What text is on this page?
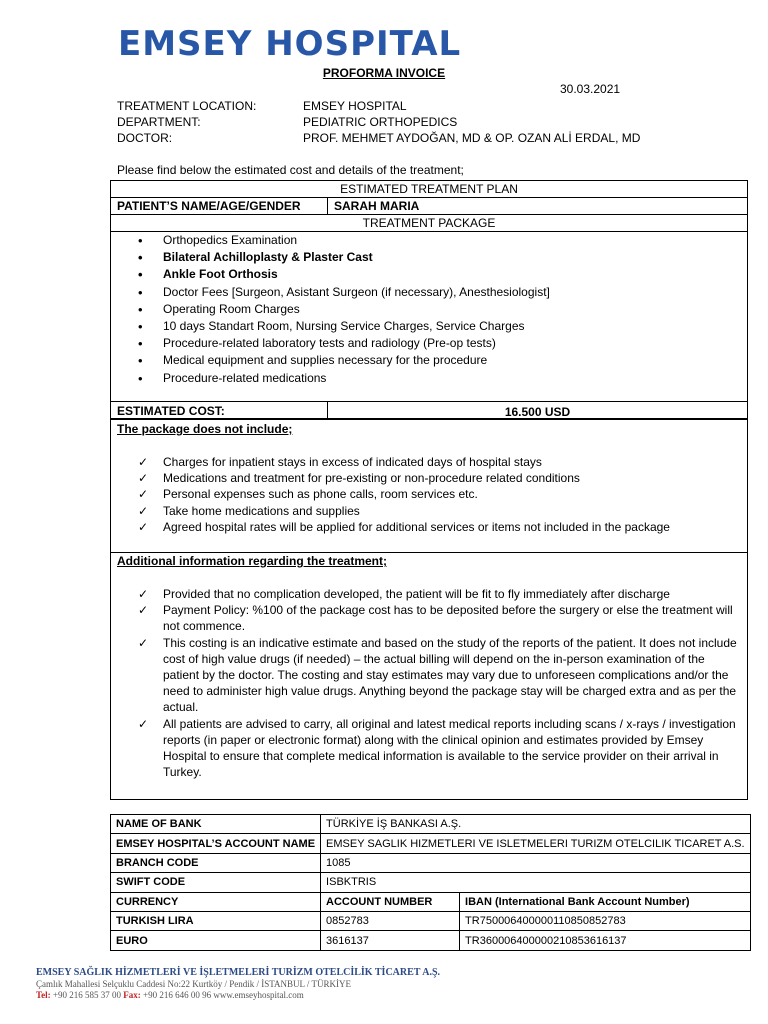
EMSEY HOSPITAL
PROFORMA INVOICE
30.03.2021
TREATMENT LOCATION:	EMSEY HOSPITAL
DEPARTMENT:	PEDIATRIC ORTHOPEDICS
DOCTOR:	PROF. MEHMET AYDOĞAN, MD & OP. OZAN ALİ ERDAL, MD
Please find below the estimated cost and details of the treatment;
ESTIMATED TREATMENT PLAN
PATIENT’S NAME/AGE/GENDER	SARAH MARIA
TREATMENT PACKAGE
• Orthopedics Examination
• Bilateral Achilloplasty & Plaster Cast
• Ankle Foot Orthosis
• Doctor Fees [Surgeon, Asistant Surgeon (if necessary), Anesthesiologist]
• Operating Room Charges
• 10 days Standart Room, Nursing Service Charges, Service Charges
• Procedure-related laboratory tests and radiology (Pre-op tests)
• Medical equipment and supplies necessary for the procedure
• Procedure-related medications
ESTIMATED COST:	16.500 USD
The package does not include;
✓ Charges for inpatient stays in excess of indicated days of hospital stays
✓ Medications and treatment for pre-existing or non-procedure related conditions
✓ Personal expenses such as phone calls, room services etc.
✓ Take home medications and supplies
✓ Agreed hospital rates will be applied for additional services or items not included in the package
Additional information regarding the treatment;
✓ Provided that no complication developed, the patient will be fit to fly immediately after discharge
✓ Payment Policy: %100 of the package cost has to be deposited before the surgery or else the treatment will not commence.
✓ This costing is an indicative estimate and based on the study of the reports of the patient. It does not include cost of high value drugs (if needed) – the actual billing will depend on the in-person examination of the patient by the doctor. The costing and stay estimates may vary due to unforeseen complications and/or the need to administer high value drugs. Anything beyond the package stay will be charged extra and as per the actual.
✓ All patients are advised to carry, all original and latest medical reports including scans / x-rays / investigation reports (in paper or electronic format) along with the clinical opinion and estimates provided by Emsey Hospital to ensure that complete medical information is available to the service provider on their arrival in Turkey.
NAME OF BANK	TÜRKİYE İŞ BANKASI A.Ş.	
EMSEY HOSPITAL’S ACCOUNT NAME	EMSEY SAGLIK HIZMETLERI VE ISLETMELERI TURIZM OTELCILIK TICARET A.S.	
BRANCH CODE	1085	
SWIFT CODE	ISBKTRIS	
CURRENCY	ACCOUNT NUMBER	IBAN (International Bank Account Number)
TURKISH LIRA	0852783	TR750006400000110850852783
EURO	3616137	TR360006400000210853616137
EMSEY SAĞLIK HİZMETLERİ VE İŞLETMELERİ TURİZM OTELCİLİK TİCARET A.Ş.
Çamlık Mahallesi Selçuklu Caddesi No:22 Kurtköy / Pendik / İSTANBUL / TÜRKİYE
Tel: +90 216 585 37 00 Fax: +90 216 646 00 96 www.emseyhospital.com
